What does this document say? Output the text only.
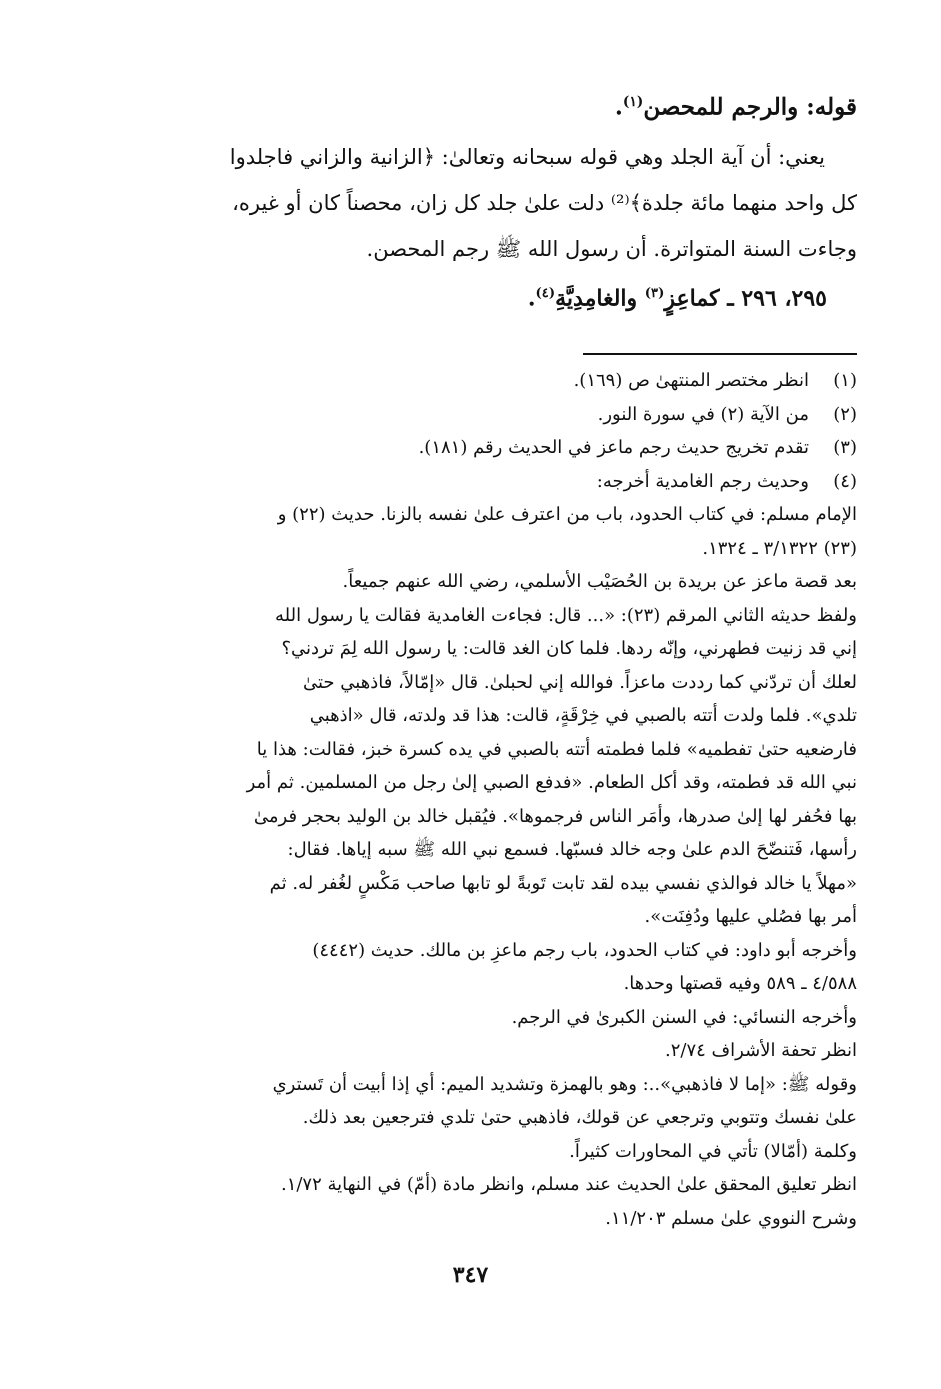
قوله: والرجم للمحصن$^{(١)}$.

يعني: أن آية الجلد وهي قوله سبحانه وتعالىٰ: ﴿الزانية والزاني فاجلدوا
كل واحد منهما مائة جلدة﴾⁽²⁾ دلت علىٰ جلد كل زان، محصناً كان أو غيره،
وجاءت السنة المتواترة. أن رسول الله ﷺ رجم المحصن.

٢٩٥، ٢٩٦ ـ كماعِزٍ$^{(٣)}$ والغامِدِيَّةِ$^{(٤)}$.
(١)
انظر مختصر المنتهىٰ ص (١٦٩).
(٢)
من الآية (٢) في سورة النور.
(٣)
تقدم تخريج حديث رجم ماعز في الحديث رقم (١٨١).
(٤)
وحديث رجم الغامدية أخرجه:
الإمام مسلم: في كتاب الحدود، باب من اعترف علىٰ نفسه بالزنا. حديث (٢٢) و
(٢٣) ٣/١٣٢٢ ـ ١٣٢٤.
بعد قصة ماعز عن بريدة بن الحُصَيْب الأسلمي، رضي الله عنهم جميعاً.
ولفظ حديثه الثاني المرقم (٢٣): «... قال: فجاءت الغامدية فقالت يا رسول الله
إني قد زنيت فطهرني، وإنّه ردها. فلما كان الغد قالت: يا رسول الله لِمَ تردني؟
لعلك أن تردّني كما رددت ماعزاً. فوالله إني لحبلىٰ. قال «إمّالاً، فاذهبي حتىٰ
تلدي». فلما ولدت أتته بالصبي في خِرْقَةٍ، قالت: هذا قد ولدته، قال «اذهبي
فارضعيه حتىٰ تفطميه» فلما فطمته أتته بالصبي في يده كسرة خبز، فقالت: هذا يا
نبي الله قد فطمته، وقد أكل الطعام. «فدفع الصبي إلىٰ رجل من المسلمين. ثم أمر
بها فحُفر لها إلىٰ صدرها، وأمَر الناس فرجموها». فيُقبل خالد بن الوليد بحجر فرمىٰ
رأسها، فَتنضّحَ الدم علىٰ وجه خالد فسبّها. فسمع نبي الله ﷺ سبه إياها. فقال:
«مهلاً يا خالد فوالذي نفسي بيده لقد تابت تَوبةً لو تابها صاحب مَكْسٍ لغُفر له. ثم
أمر بها فصُلي عليها ودُفِنَت».
وأخرجه أبو داود: في كتاب الحدود، باب رجم ماعزِ بن مالك. حديث (٤٤٤٢)
٤/٥٨٨ ـ ٥٨٩ وفيه قصتها وحدها.
وأخرجه النسائي: في السنن الكبرىٰ في الرجم.
انظر تحفة الأشراف ٢/٧٤.
وقوله ﷺ: «إما لا فاذهبي»..: وهو بالهمزة وتشديد الميم: أي إذا أبيت أن تَستري
علىٰ نفسك وتتوبي وترجعي عن قولك، فاذهبي حتىٰ تلدي فترجعين بعد ذلك.
وكلمة (أمّالا) تأتي في المحاورات كثيراً.
انظر تعليق المحقق علىٰ الحديث عند مسلم، وانظر مادة (أمّ) في النهاية ١/٧٢.
وشرح النووي علىٰ مسلم ١١/٢٠٣.
٣٤٧
